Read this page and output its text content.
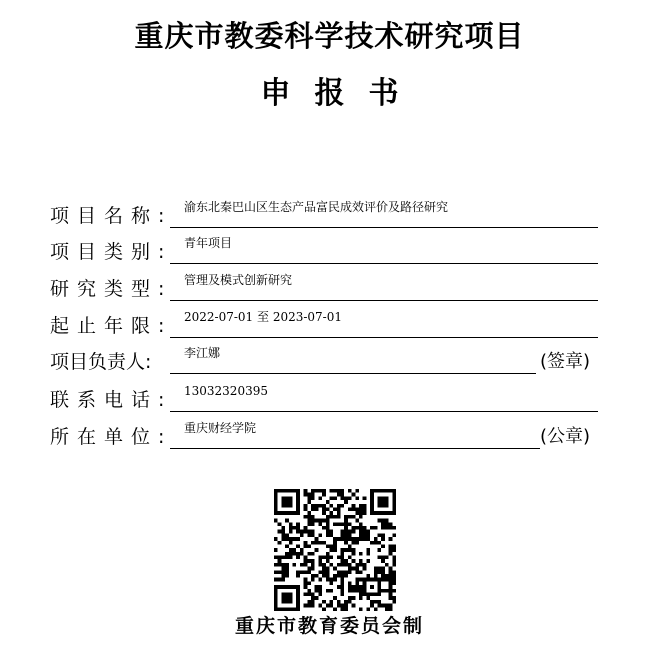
重庆市教委科学技术研究项目
申报书
项目名称: 渝东北秦巴山区生态产品富民成效评价及路径研究
项目类别: 青年项目
研究类型: 管理及模式创新研究
起止年限: 2022-07-01 至 2023-07-01
项目负责人:	李江娜	(签章)
联系电话: 13032320395
所在单位: 重庆财经学院	(公章)
重庆市教育委员会制
